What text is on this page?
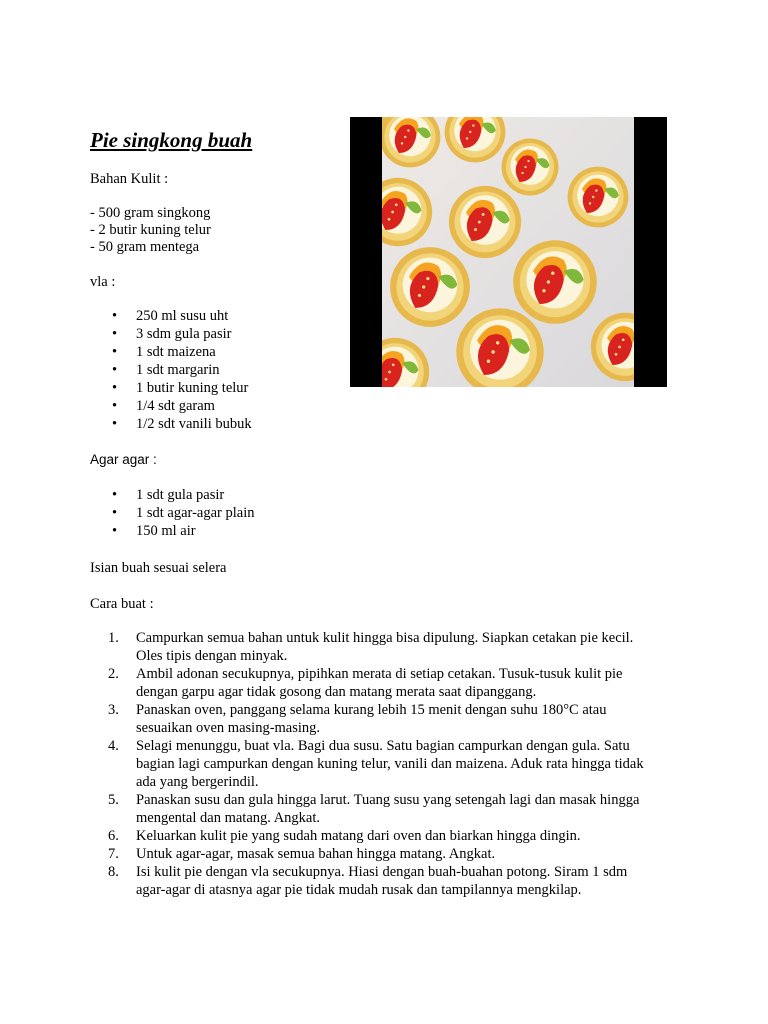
Pie singkong buah
Bahan Kulit :
- 500 gram singkong
- 2 butir kuning telur
- 50 gram mentega
vla :
• 250 ml susu uht
• 3 sdm gula pasir
• 1 sdt maizena
• 1 sdt margarin
• 1 butir kuning telur
• 1/4 sdt garam
• 1/2 sdt vanili bubuk
Agar agar :
• 1 sdt gula pasir
• 1 sdt agar-agar plain
• 150 ml air
Isian buah sesuai selera
Cara buat :
1. Campurkan semua bahan untuk kulit hingga bisa dipulung. Siapkan cetakan pie kecil.
Oles tipis dengan minyak.
2. Ambil adonan secukupnya, pipihkan merata di setiap cetakan. Tusuk-tusuk kulit pie
dengan garpu agar tidak gosong dan matang merata saat dipanggang.
3. Panaskan oven, panggang selama kurang lebih 15 menit dengan suhu 180°C atau
sesuaikan oven masing-masing.
4. Selagi menunggu, buat vla. Bagi dua susu. Satu bagian campurkan dengan gula. Satu
bagian lagi campurkan dengan kuning telur, vanili dan maizena. Aduk rata hingga tidak
ada yang bergerindil.
5. Panaskan susu dan gula hingga larut. Tuang susu yang setengah lagi dan masak hingga
mengental dan matang. Angkat.
6. Keluarkan kulit pie yang sudah matang dari oven dan biarkan hingga dingin.
7. Untuk agar-agar, masak semua bahan hingga matang. Angkat.
8. Isi kulit pie dengan vla secukupnya. Hiasi dengan buah-buahan potong. Siram 1 sdm
agar-agar di atasnya agar pie tidak mudah rusak dan tampilannya mengkilap.
